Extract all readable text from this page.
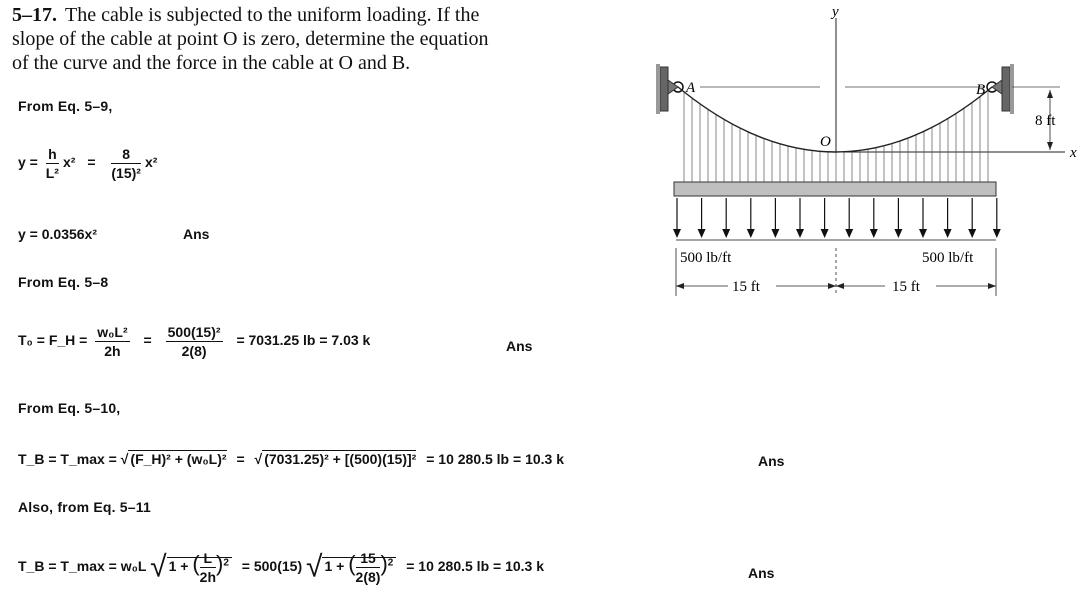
5–17. The cable is subjected to the uniform loading. If the
slope of the cable at point O is zero, determine the equation
of the curve and the force in the cable at O and B.
From Eq. 5–9,
$y = \frac{h}{\text{L²}} x^2 = \frac{8}{\text{(15)²}} x^2$
y = 0.0356x²	Ans
From Eq. 5–8
T₀ = F_H = $\frac{\text{w₀L²}}{2h} = \frac{\text{500(15)²}}{2(8)} = 7031.25$ lb = 7.03 k	Ans
From Eq. 5–10,
T_B = T_max = √ (F_H)² + (w₀L)² = √ (7031.25)² + [(500)(15)]² = 10 280.5 lb = 10.3 k	Ans
Also, from Eq. 5–11
T_B = T_max = w₀L √ 1 + ( $\frac{L}{2h} )^2 = 500(15)$ √ 1 + ( $\frac{15}{2(8)} )^2 = 10$ 280.5 lb = 10.3 k	Ans
y
x
A	B
O
8 ft
500 lb/ft	500 lb/ft
15 ft	15 ft
